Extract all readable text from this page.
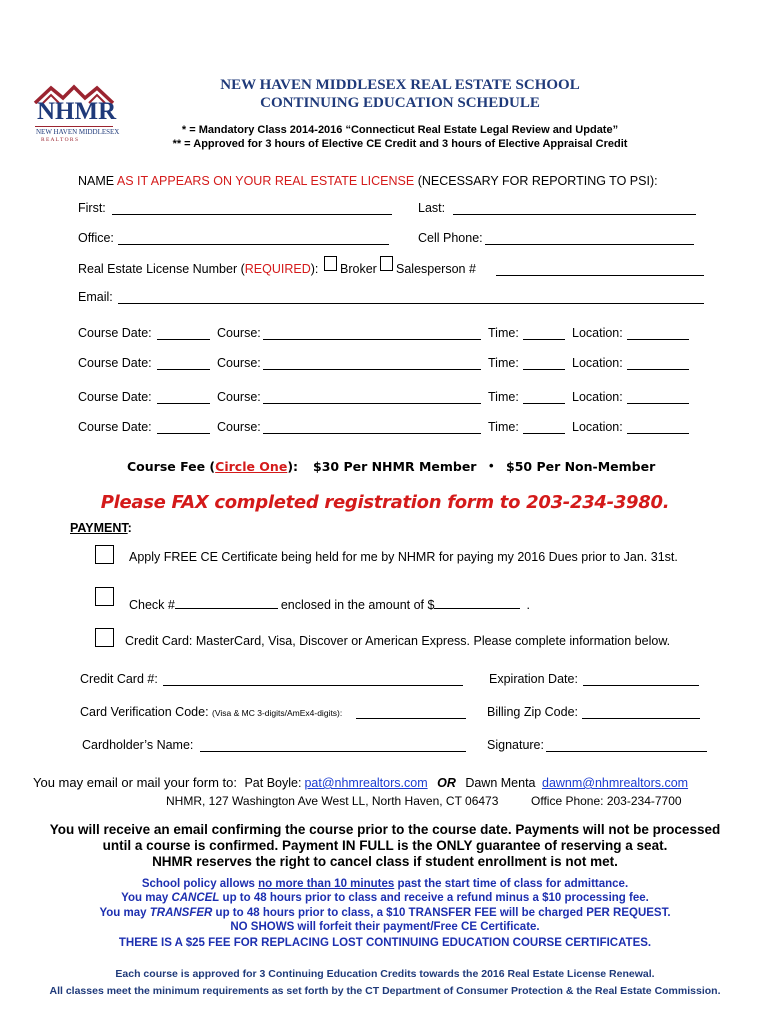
NHMR
NEW HAVEN MIDDLESEX
R E A L T O R S
NEW HAVEN MIDDLESEX REAL ESTATE SCHOOL
CONTINUING EDUCATION SCHEDULE
* = Mandatory Class 2014-2016 “Connecticut Real Estate Legal Review and Update”
** = Approved for 3 hours of Elective CE Credit and 3 hours of Elective Appraisal Credit
NAME AS IT APPEARS ON YOUR REAL ESTATE LICENSE (NECESSARY FOR REPORTING TO PSI):
First:	Last:
Office:	Cell Phone:
Real Estate License Number (REQUIRED): Broker Salesperson #
Email:
Course Date:	Course:	Time:	Location:
Course Date:	Course:	Time:	Location:
Course Date:	Course:	Time:	Location:
Course Date:	Course:	Time:	Location:
Course Fee (Circle One): $30 Per NHMR Member • $50 Per Non-Member
Please FAX completed registration form to 203-234-3980.
PAYMENT:
Apply FREE CE Certificate being held for me by NHMR for paying my 2016 Dues prior to Jan. 31st.
Check #	enclosed in the amount of $	.
Credit Card: MasterCard, Visa, Discover or American Express. Please complete information below.
Credit Card #:	Expiration Date:
Card Verification Code: (Visa & MC 3-digits/AmEx4-digits):	Billing Zip Code:
Cardholder’s Name:	Signature:
You may email or mail your form to: Pat Boyle: pat@nhmrealtors.com OR Dawn Menta dawnm@nhmrealtors.com
NHMR, 127 Washington Ave West LL, North Haven, CT 06473	Office Phone: 203-234-7700
You will receive an email confirming the course prior to the course date. Payments will not be processed
until a course is confirmed. Payment IN FULL is the ONLY guarantee of reserving a seat.
NHMR reserves the right to cancel class if student enrollment is not met.
School policy allows no more than 10 minutes past the start time of class for admittance.
You may CANCEL up to 48 hours prior to class and receive a refund minus a $10 processing fee.
You may TRANSFER up to 48 hours prior to class, a $10 TRANSFER FEE will be charged PER REQUEST.
NO SHOWS will forfeit their payment/Free CE Certificate.
THERE IS A $25 FEE FOR REPLACING LOST CONTINUING EDUCATION COURSE CERTIFICATES.
Each course is approved for 3 Continuing Education Credits towards the 2016 Real Estate License Renewal.
All classes meet the minimum requirements as set forth by the CT Department of Consumer Protection & the Real Estate Commission.
